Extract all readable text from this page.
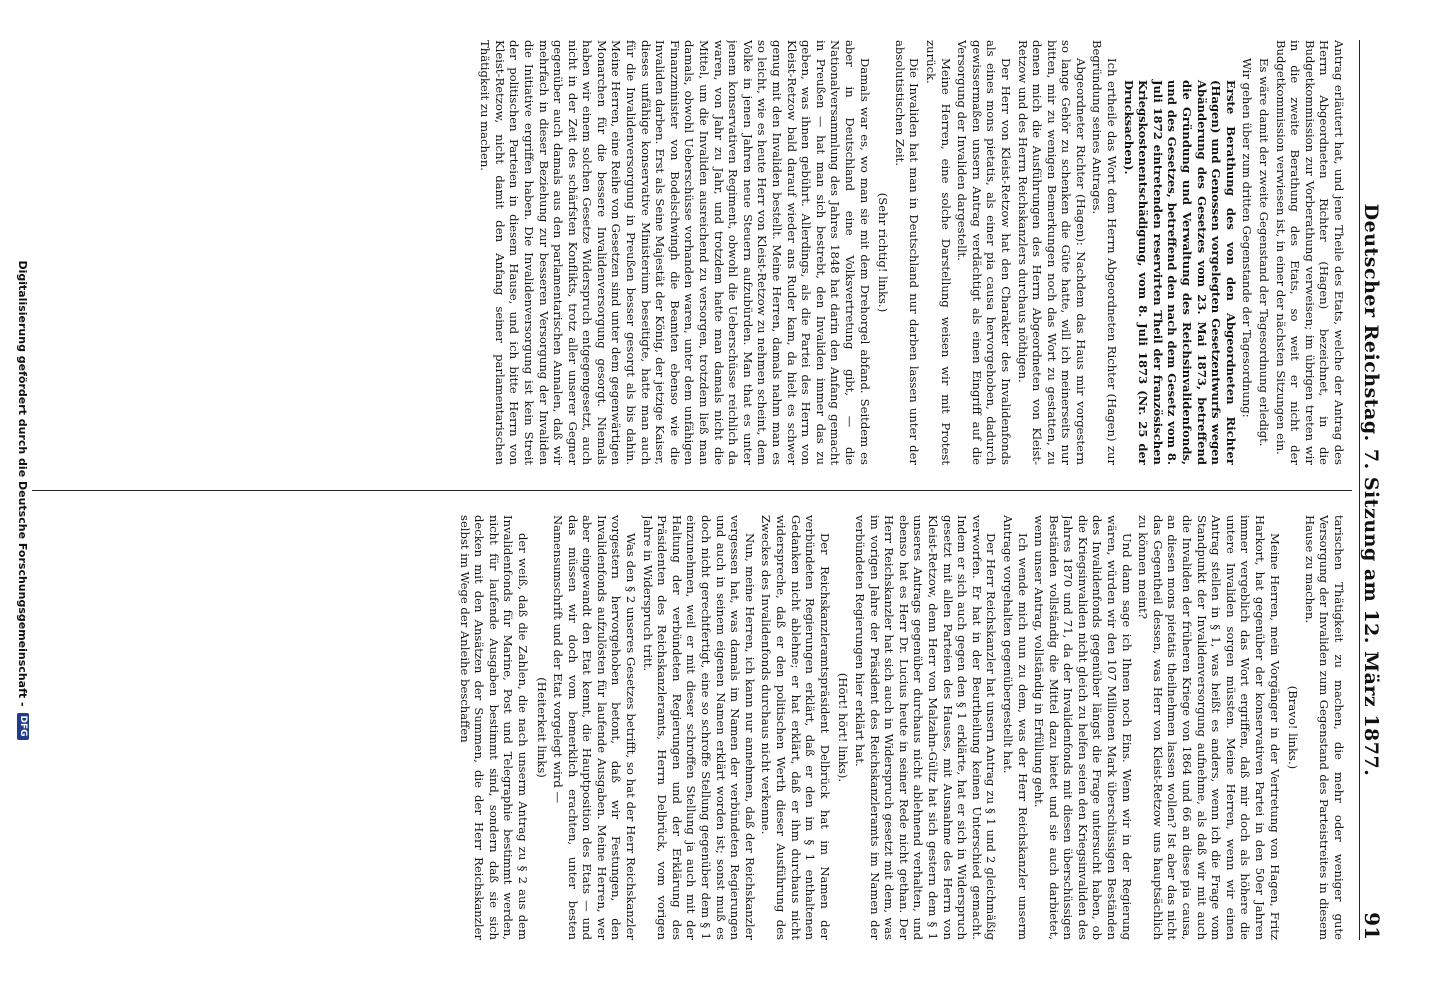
Deutscher Reichstag. 7. Sitzung am 12. März 1877.
91

Antrag erläutert hat, und jene Theile des Etats, welche der Antrag des Herrn Abgeordneten Richter (Hagen) bezeichnet, in die Budgetkommission zur Vorberathung verweisen; im übrigen treten wir in die zweite Berathung des Etats, so weit er nicht der Budgetkommission verwiesen ist, in einer der nächsten Sitzungen ein.

Es wäre damit der zweite Gegenstand der Tagesordnung erledigt.

Wir gehen über zum dritten Gegenstande der Tagesordnung:

Erste Berathung des von den Abgeordneten Richter (Hagen) und Genossen vorgelegten Gesetzentwurfs wegen Abänderung des Gesetzes vom 23. Mai 1873, betreffend die Gründung und Verwaltung des Reichsinvalidenfonds, und des Gesetzes, betreffend den nach dem Gesetz vom 8. Juli 1872 eintretenden reservirten Theil der französischen Kriegskostenentschädigung, vom 8. Juli 1873 (Nr. 25 der Drucksachen).

Ich ertheile das Wort dem Herrn Abgeordneten Richter (Hagen) zur Begründung seines Antrages.

Abgeordneter Richter (Hagen): Nachdem das Haus mir vorgestern so lange Gehör zu schenken die Güte hatte, will ich meinerseits nur bitten, mir zu wenigen Bemerkungen noch das Wort zu gestatten, zu denen mich die Ausführungen des Herrn Abgeordneten von Kleist-Retzow und des Herrn Reichskanzlers durchaus nöthigen.

Der Herr von Kleist-Retzow hat den Charakter des Invalidenfonds als eines mons pietatis, als einer pia causa hervorgehoben, dadurch gewissermaßen unsern Antrag verdächtigt als einen Eingriff auf die Versorgung der Invaliden dargestellt.

Meine Herren, eine solche Darstellung weisen wir mit Protest zurück.

Die Invaliden hat man in Deutschland nur darben lassen unter der absolutistischen Zeit.

(Sehr richtig! links.)

Damals war es, wo man sie mit dem Drehorgel abfand. Seitdem es aber in Deutschland eine Volksvertretung gibt, — die Nationalversammlung des Jahres 1848 hat darin den Anfang gemacht in Preußen — hat man sich bestrebt, den Invaliden immer das zu geben, was ihnen gebührt. Allerdings, als die Partei des Herrn von Kleist-Retzow bald darauf wieder ans Ruder kam, da hielt es schwer genug mit den Invaliden bestellt. Meine Herren, damals nahm man es so leicht, wie es heute Herr von Kleist-Retzow zu nehmen scheint, dem Volke in jenen Jahren neue Steuern aufzubürden. Man that es unter jenem konservativen Regiment, obwohl die Ueberschüsse reichlich da waren, von Jahr zu Jahr, und trotzdem hatte man damals nicht die Mittel, um die Invaliden ausreichend zu versorgen, trotzdem ließ man damals, obwohl Ueberschüsse vorhanden waren, unter dem unfähigen Finanzminister von Bodelschwingh die Beamten ebenso wie die Invaliden darben. Erst als Seine Majestät der König, der jetzige Kaiser, dieses unfähige konservative Ministerium beseitigte, hatte man auch für die Invalidenversorgung in Preußen besser gesorgt als bis dahin. Meine Herren, eine Reihe von Gesetzen sind unter dem gegenwärtigen Monarchen für die bessere Invalidenversorgung gesorgt. Niemals haben wir einem solchen Gesetze Widerspruch entgegengesetzt, auch nicht in der Zeit des schärfsten Konflikts, trotz aller unserer Gegner gegenüber auch damals aus den parlamentarischen Annalen, daß wir mehrfach in dieser Beziehung zur besseren Versorgung der Invaliden die Initiative ergriffen haben. Die Invalidenversorgung ist kein Streit der politischen Parteien in diesem Hause, und ich bitte Herrn von Kleist-Retzow, nicht damit den Anfang seiner parlamentarischen Thätigkeit zu machen.

tarischen Thätigkeit zu machen, die mehr oder weniger gute Versorgung der Invaliden zum Gegenstand des Parteistreites in diesem Hause zu machen.

(Bravo! links.)

Meine Herren, mein Vorgänger in der Vertretung von Hagen, Fritz Harkort, hat gegenüber der konservativen Partei in den 50er Jahren immer vergeblich das Wort ergriffen, daß mir doch als höhere die untere Invaliden sorgen müssten. Meine Herren, wenn wir einen Antrag stellen in § 1, was heißt es anders, wenn ich die Frage vom Standpunkt der Invalidenversorgung aufnehme, als daß wir mit auch die Invaliden der früheren Kriege von 1864 und 66 an diese pia causa, an diesen mons pietatis theilnehmen lassen wollen? Ist aber das nicht das Gegentheil dessen, was Herr von Kleist-Retzow uns hauptsächlich zu können meint?

Und dann sage ich Ihnen noch Eins. Wenn wir in der Regierung wären, würden wir den 107 Millionen Mark überschüssigen Beständen des Invalidenfonds gegenüber längst die Frage untersucht haben, ob die Kriegsinvaliden nicht gleich zu helfen seien den Kriegsinvaliden des Jahres 1870 und 71, da der Invalidenfonds mit diesen überschüssigen Beständen vollständig die Mittel dazu bietet und sie auch darbietet, wenn unser Antrag, vollständig in Erfüllung geht.

Ich wende mich nun zu dem, was der Herr Reichskanzler unserm Antrage vorgehalten gegenübergestellt hat.

Der Herr Reichskanzler hat unsern Antrag zu § 1 und 2 gleichmäßig verworfen. Er hat in der Beurtheilung keinen Unterschied gemacht. Indem er sich auch gegen den § 1 erklärte, hat er sich in Widerspruch gesetzt mit allen Parteien des Hauses, mit Ausnahme des Herrn von Kleist-Retzow, denn Herr von Malzahn-Gültz hat sich gestern dem § 1 unseres Antrags gegenüber durchaus nicht ablehnend verhalten, und ebenso hat es Herr Dr. Lucius heute in seiner Rede nicht gethan. Der Herr Reichskanzler hat sich auch in Widerspruch gesetzt mit dem, was im vorigen Jahre der Präsident des Reichskanzleramts im Namen der verbündeten Regierungen hier erklärt hat.

(Hört! hört! links).

Der Reichskanzleramtspräsident Delbrück hat im Namen der verbündeten Regierungen erklärt, daß er den im § 1 enthaltenen Gedanken nicht ablehne; er hat erklärt, daß er ihm durchaus nicht widerspreche, daß er den politischen Werth dieser Ausführung des Zweckes des Invalidenfonds durchaus nicht verkenne.

Nun, meine Herren, ich kann nur annehmen, daß der Reichskanzler vergessen hat, was damals im Namen der verbündeten Regierungen und auch in seinem eigenen Namen erklärt worden ist; sonst muß es doch nicht gerechtfertigt, eine so schroffe Stellung gegenüber dem § 1 einzunehmen, weil er mit dieser schroffen Stellung ja auch mit der Haltung der verbündeten Regierungen und der Erklärung des Präsidenten des Reichskanzleramts, Herrn Delbrück, vom vorigen Jahre in Widerspruch tritt.

Was den § 2 unseres Gesetzes betrifft, so hat der Herr Reichskanzler vorgestern hervorgehoben betont, daß wir Festungen, den Invalidenfonds aufzulösten für laufende Ausgaben. Meine Herren, wer aber eingewandt den Etat kennt, die Hauptposition des Etats — und das müssen wir doch vom bemerklich erachten, unter besten Namensumschrift und der Etat vorgelegt wird —

(Heiterkeit links)

der weiß, daß die Zahlen, die nach unserm Antrag zu § 2 aus dem Invalidenfonds für Marine, Post und Telegraphie bestimmt werden, nicht für laufende Ausgaben bestimmt sind, sondern daß sie sich decken mit den Ansätzen der Summen, die der Herr Reichskanzler selbst im Wege der Anleihe beschaffen

Digitalisierung gefördert durch die Deutsche Forschungsgemeinschaft -
DFG
